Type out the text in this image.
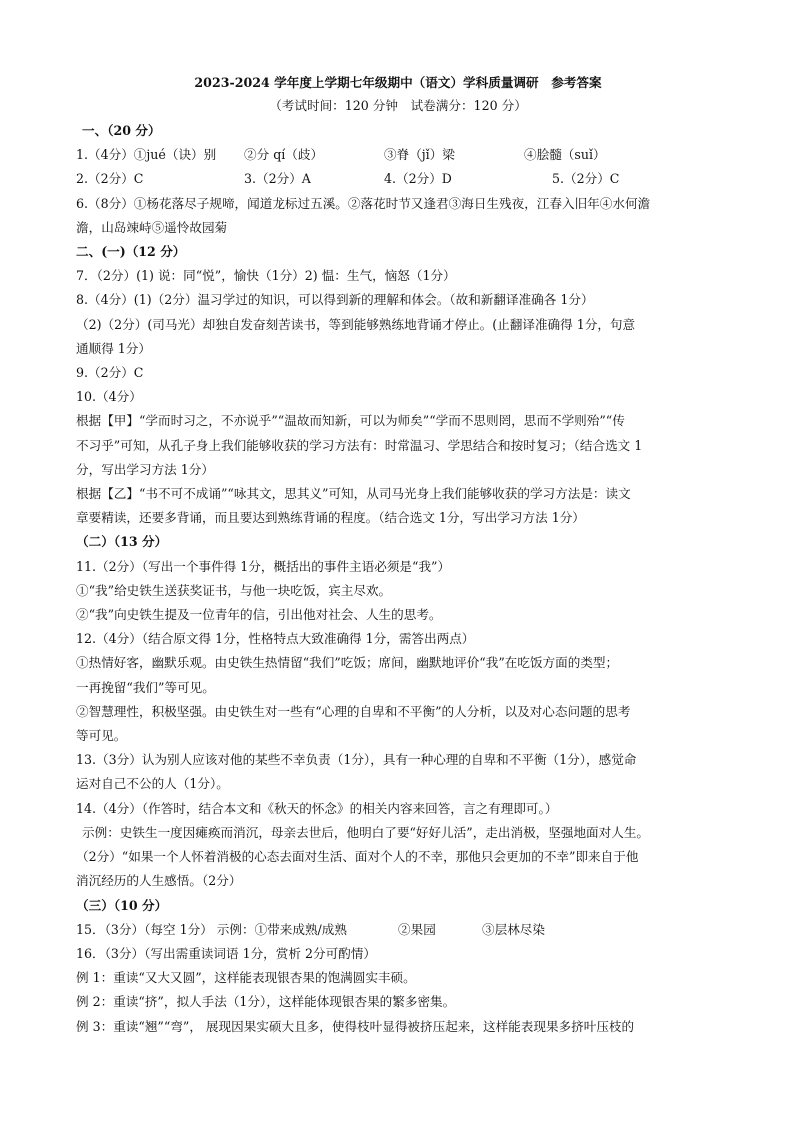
2023-2024 学年度上学期七年级期中（语文）学科质量调研　参考答案

（考试时间：120 分钟　试卷满分：120 分）

一、（20 分）

1.（4分）①jué（诀）别	②分 qí（歧）	③脊（jǐ）梁	④脍髓（suǐ）
2.（2分）C	3.（2分）A	4.（2分）D	5.（2分）C

6.（8分）①杨花落尽子规啼，闻道龙标过五溪。②落花时节又逢君③海日生残夜，江春入旧年④水何澹

澹，山岛竦峙⑤遥怜故园菊

二、(一)（12 分）

7．（2分）(1) 说：同“悦”，愉快（1分）2) 愠：生气，恼怒（1分）

8.（4分）(1)（2分）温习学过的知识，可以得到新的理解和体会。（故和新翻译准确各 1分）

（2)（2分）(司马光）却独自发奋刻苦读书，等到能够熟练地背诵才停止。(止翻译准确得 1分，句意

通顺得 1分）

9.（2分）C

10.（4分）

根据【甲】“学而时习之，不亦说乎”“温故而知新，可以为师矣”“学而不思则罔，思而不学则殆”“传

不习乎”可知，从孔子身上我们能够收获的学习方法有：时常温习、学思结合和按时复习；（结合选文 1

分，写出学习方法 1分）

根据【乙】“书不可不成诵”“咏其文，思其义”可知，从司马光身上我们能够收获的学习方法是：读文

章要精读，还要多背诵，而且要达到熟练背诵的程度。（结合选文 1分，写出学习方法 1分）

（二）（13 分）

11.（2分）（写出一个事件得 1分，概括出的事件主语必须是“我”）

①“我”给史铁生送获奖证书，与他一块吃饭，宾主尽欢。

②“我”向史铁生提及一位青年的信，引出他对社会、人生的思考。

12.（4分）（结合原文得 1分，性格特点大致准确得 1分，需答出两点）

①热情好客，幽默乐观。由史铁生热情留“我们”吃饭；席间，幽默地评价“我”在吃饭方面的类型；

一再挽留“我们”等可见。

②智慧理性，积极坚强。由史铁生对一些有“心理的自卑和不平衡”的人分析，以及对心态问题的思考

等可见。

13.（3分）认为别人应该对他的某些不幸负责（1分），具有一种心理的自卑和不平衡（1分），感觉命

运对自己不公的人（1分）。

14.（4分）（作答时，结合本文和《秋天的怀念》的相关内容来回答，言之有理即可。）

示例：史铁生一度因瘫痪而消沉，母亲去世后，他明白了要“好好儿活”，走出消极，坚强地面对人生。

（2分）“如果一个人怀着消极的心态去面对生活、面对个人的不幸，那他只会更加的不幸”即来自于他

消沉经历的人生感悟。（2分）

（三）（10 分）

15．（3分）（每空 1分） 示例：①带来成熟/成熟	②果园	③层林尽染

16．（3分）（写出需重读词语 1分，赏析 2分可酌情）

例 1：重读“又大又圆”，这样能表现银杏果的饱满圆实丰硕。

例 2：重读“挤”，拟人手法（1分），这样能体现银杏果的繁多密集。

例 3：重读“翘”“弯”， 展现因果实硕大且多，使得枝叶显得被挤压起来，这样能表现果多挤叶压枝的
